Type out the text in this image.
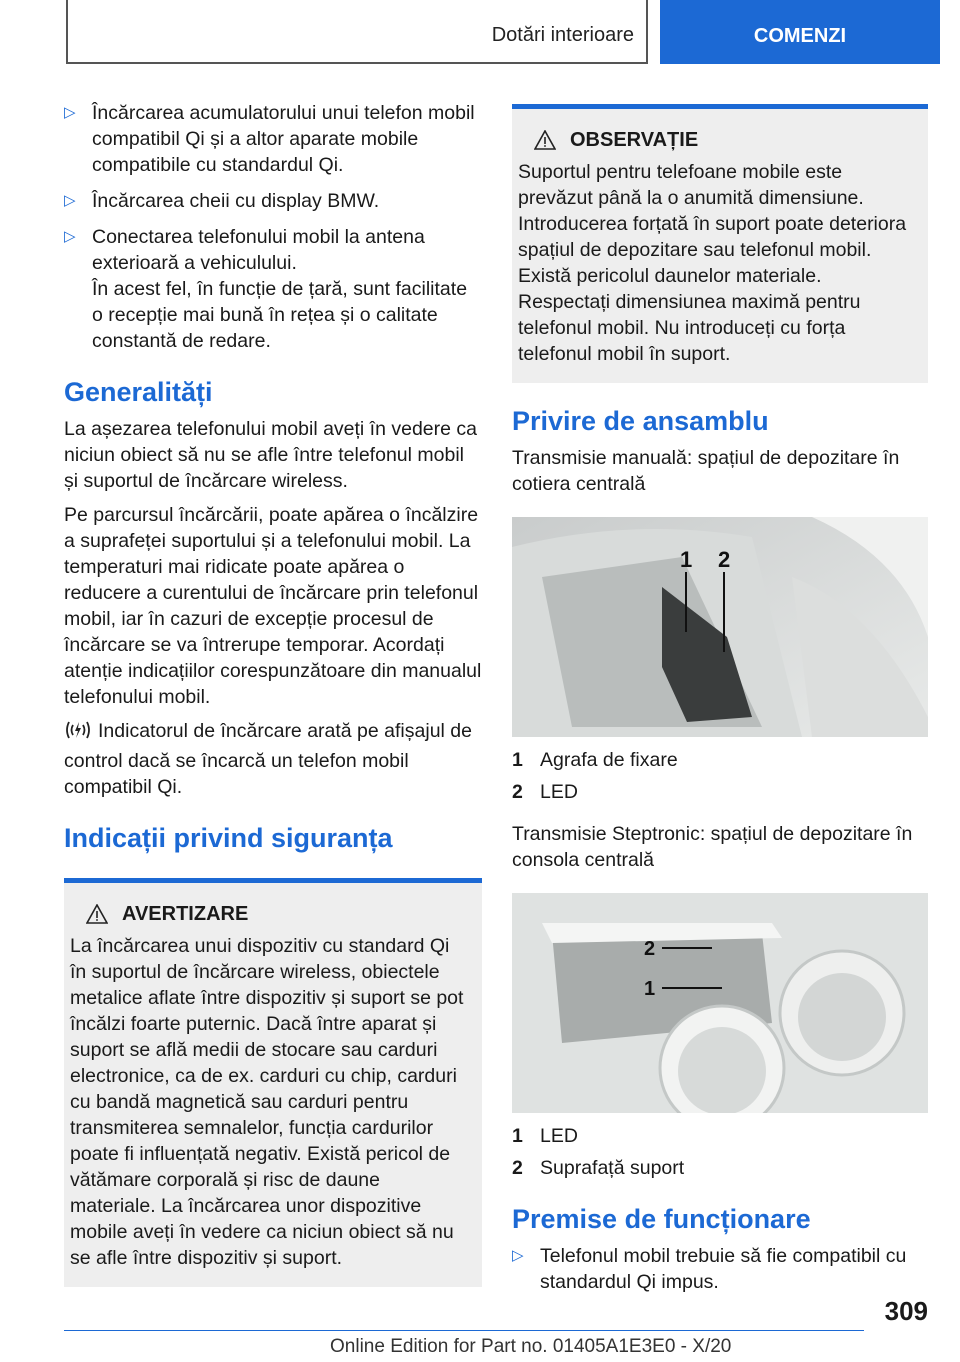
Dotări interioare	COMENZI
▷ Încărcarea acumulatorului unui telefon mobil compatibil Qi și a altor aparate mobile compatibile cu standardul Qi.

▷ Încărcarea cheii cu display BMW.

▷ Conectarea telefonului mobil la antena exterioară a vehiculului.

În acest fel, în funcție de țară, sunt facilitate o recepție mai bună în rețea și o calitate constantă de redare.

Generalități

La așezarea telefonului mobil aveți în vedere ca niciun obiect să nu se afle între telefonul mobil și suportul de încărcare wireless.

Pe parcursul încărcării, poate apărea o încălzire a suprafeței suportului și a telefonului mobil. La temperaturi mai ridicate poate apărea o reducere a curentului de încărcare prin telefonul mobil, iar în cazuri de excepție procesul de încărcare se va întrerupe temporar. Acordați atenție indicațiilor corespunzătoare din manualul telefonului mobil.

Indicatorul de încărcare arată pe afișajul de control dacă se încarcă un telefon mobil compatibil Qi.

Indicații privind siguranța
AVERTIZARE

La încărcarea unui dispozitiv cu standard Qi în suportul de încărcare wireless, obiectele metalice aflate între dispozitiv și suport se pot încălzi foarte puternic. Dacă între aparat și suport se află medii de stocare sau carduri electronice, ca de ex. carduri cu chip, carduri cu bandă magnetică sau carduri pentru transmiterea semnalelor, funcția cardurilor poate fi influențată negativ. Există pericol de vătămare corporală și risc de daune materiale. La încărcarea unor dispozitive mobile aveți în vedere ca niciun obiect să nu se afle între dispozitiv și suport.

OBSERVAȚIE

Suportul pentru telefoane mobile este prevăzut până la o anumită dimensiune. Introducerea forțată în suport poate deteriora spațiul de depozitare sau telefonul mobil. Există pericolul daunelor materiale. Respectați dimensiunea maximă pentru telefonul mobil. Nu introduceți cu forța telefonul mobil în suport.

Privire de ansamblu

Transmisie manuală: spațiul de depozitare în cotiera centrală

1 2
1 Agrafa de fixare
2 LED

Transmisie Steptronic: spațiul de depozitare în consola centrală

2
1
1 LED
2 Suprafață suport
Premise de funcționare
▷ Telefonul mobil trebuie să fie compatibil cu standardul Qi impus.

309
Online Edition for Part no. 01405A1E3E0 - X/20
